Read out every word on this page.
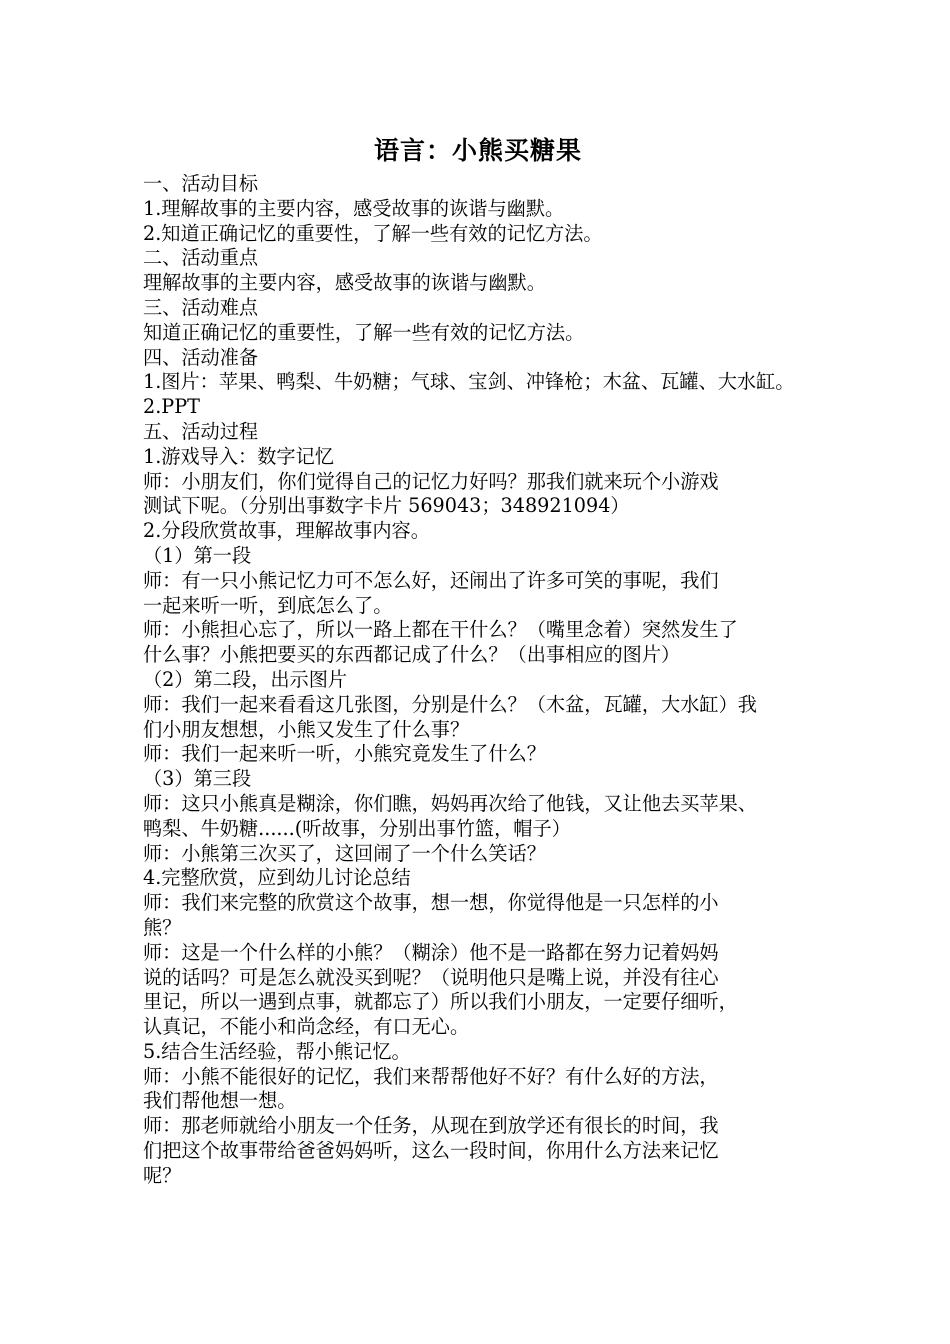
语言：小熊买糖果

一、活动目标

1.理解故事的主要内容，感受故事的诙谐与幽默。

2.知道正确记忆的重要性，了解一些有效的记忆方法。

二、活动重点

理解故事的主要内容，感受故事的诙谐与幽默。

三、活动难点

知道正确记忆的重要性，了解一些有效的记忆方法。

四、活动准备

1.图片：苹果、鸭梨、牛奶糖；气球、宝剑、冲锋枪；木盆、瓦罐、大水缸。

2.PPT

五、活动过程

1.游戏导入：数字记忆

师：小朋友们，你们觉得自己的记忆力好吗？那我们就来玩个小游戏

测试下呢。（分别出事数字卡片 569043；348921094）

2.分段欣赏故事，理解故事内容。

（1）第一段

师：有一只小熊记忆力可不怎么好，还闹出了许多可笑的事呢，我们

一起来听一听，到底怎么了。

师：小熊担心忘了，所以一路上都在干什么？（嘴里念着）突然发生了

什么事？小熊把要买的东西都记成了什么？（出事相应的图片）

（2）第二段，出示图片

师：我们一起来看看这几张图，分别是什么？（木盆，瓦罐，大水缸）我

们小朋友想想，小熊又发生了什么事？

师：我们一起来听一听，小熊究竟发生了什么？

（3）第三段

师：这只小熊真是糊涂，你们瞧，妈妈再次给了他钱，又让他去买苹果、

鸭梨、牛奶糖......(听故事，分别出事竹篮，帽子）

师：小熊第三次买了，这回闹了一个什么笑话？

4.完整欣赏，应到幼儿讨论总结

师：我们来完整的欣赏这个故事，想一想，你觉得他是一只怎样的小

熊？

师：这是一个什么样的小熊？（糊涂）他不是一路都在努力记着妈妈

说的话吗？可是怎么就没买到呢？（说明他只是嘴上说，并没有往心

里记，所以一遇到点事，就都忘了）所以我们小朋友，一定要仔细听，

认真记，不能小和尚念经，有口无心。

5.结合生活经验，帮小熊记忆。

师：小熊不能很好的记忆，我们来帮帮他好不好？有什么好的方法，

我们帮他想一想。

师：那老师就给小朋友一个任务，从现在到放学还有很长的时间，我

们把这个故事带给爸爸妈妈听，这么一段时间，你用什么方法来记忆

呢？
